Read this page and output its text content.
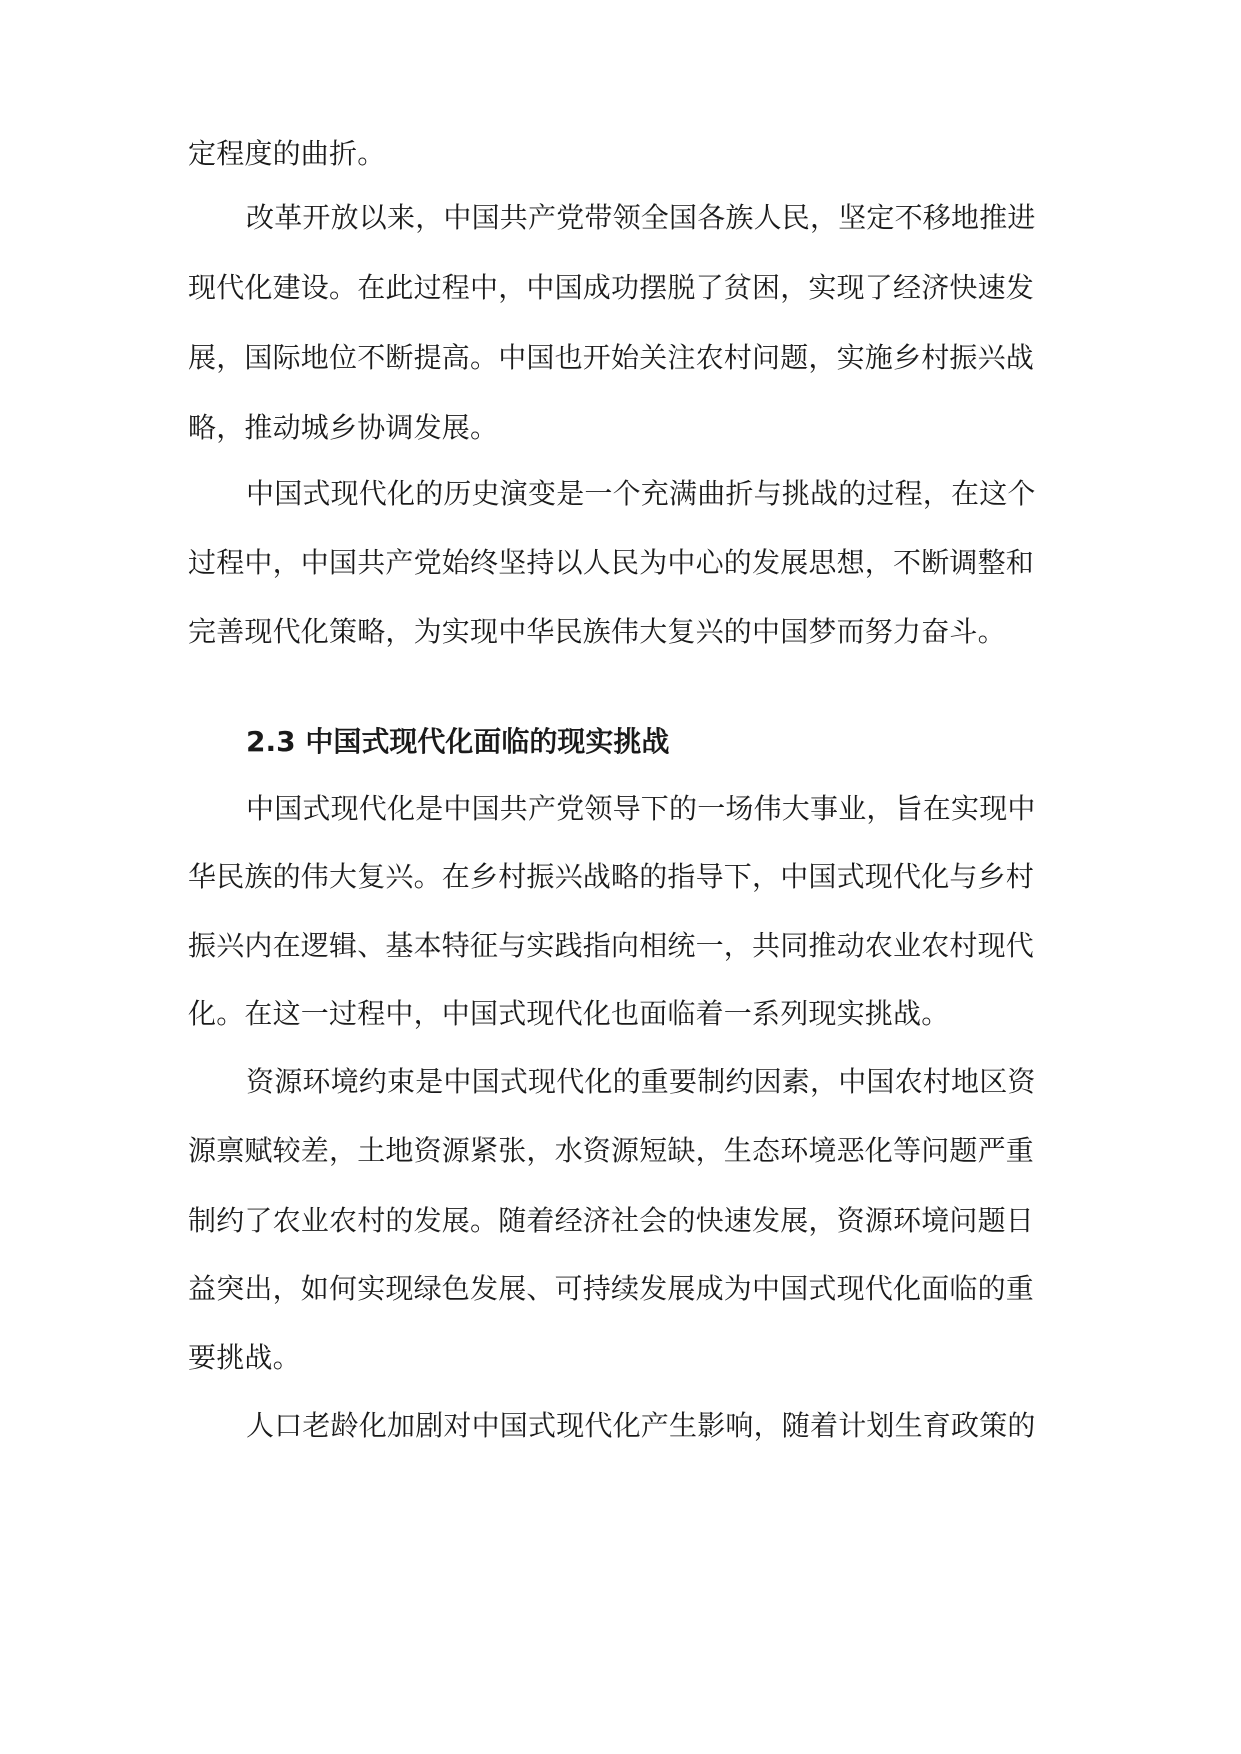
定程度的曲折。
改革开放以来，中国共产党带领全国各族人民，坚定不移地推进
现代化建设。在此过程中，中国成功摆脱了贫困，实现了经济快速发
展，国际地位不断提高。中国也开始关注农村问题，实施乡村振兴战
略，推动城乡协调发展。
中国式现代化的历史演变是一个充满曲折与挑战的过程，在这个
过程中，中国共产党始终坚持以人民为中心的发展思想，不断调整和
完善现代化策略，为实现中华民族伟大复兴的中国梦而努力奋斗。
2.3 中国式现代化面临的现实挑战
中国式现代化是中国共产党领导下的一场伟大事业，旨在实现中
华民族的伟大复兴。在乡村振兴战略的指导下，中国式现代化与乡村
振兴内在逻辑、基本特征与实践指向相统一，共同推动农业农村现代
化。在这一过程中，中国式现代化也面临着一系列现实挑战。
资源环境约束是中国式现代化的重要制约因素，中国农村地区资
源禀赋较差，土地资源紧张，水资源短缺，生态环境恶化等问题严重
制约了农业农村的发展。随着经济社会的快速发展，资源环境问题日
益突出，如何实现绿色发展、可持续发展成为中国式现代化面临的重
要挑战。
人口老龄化加剧对中国式现代化产生影响，随着计划生育政策的
